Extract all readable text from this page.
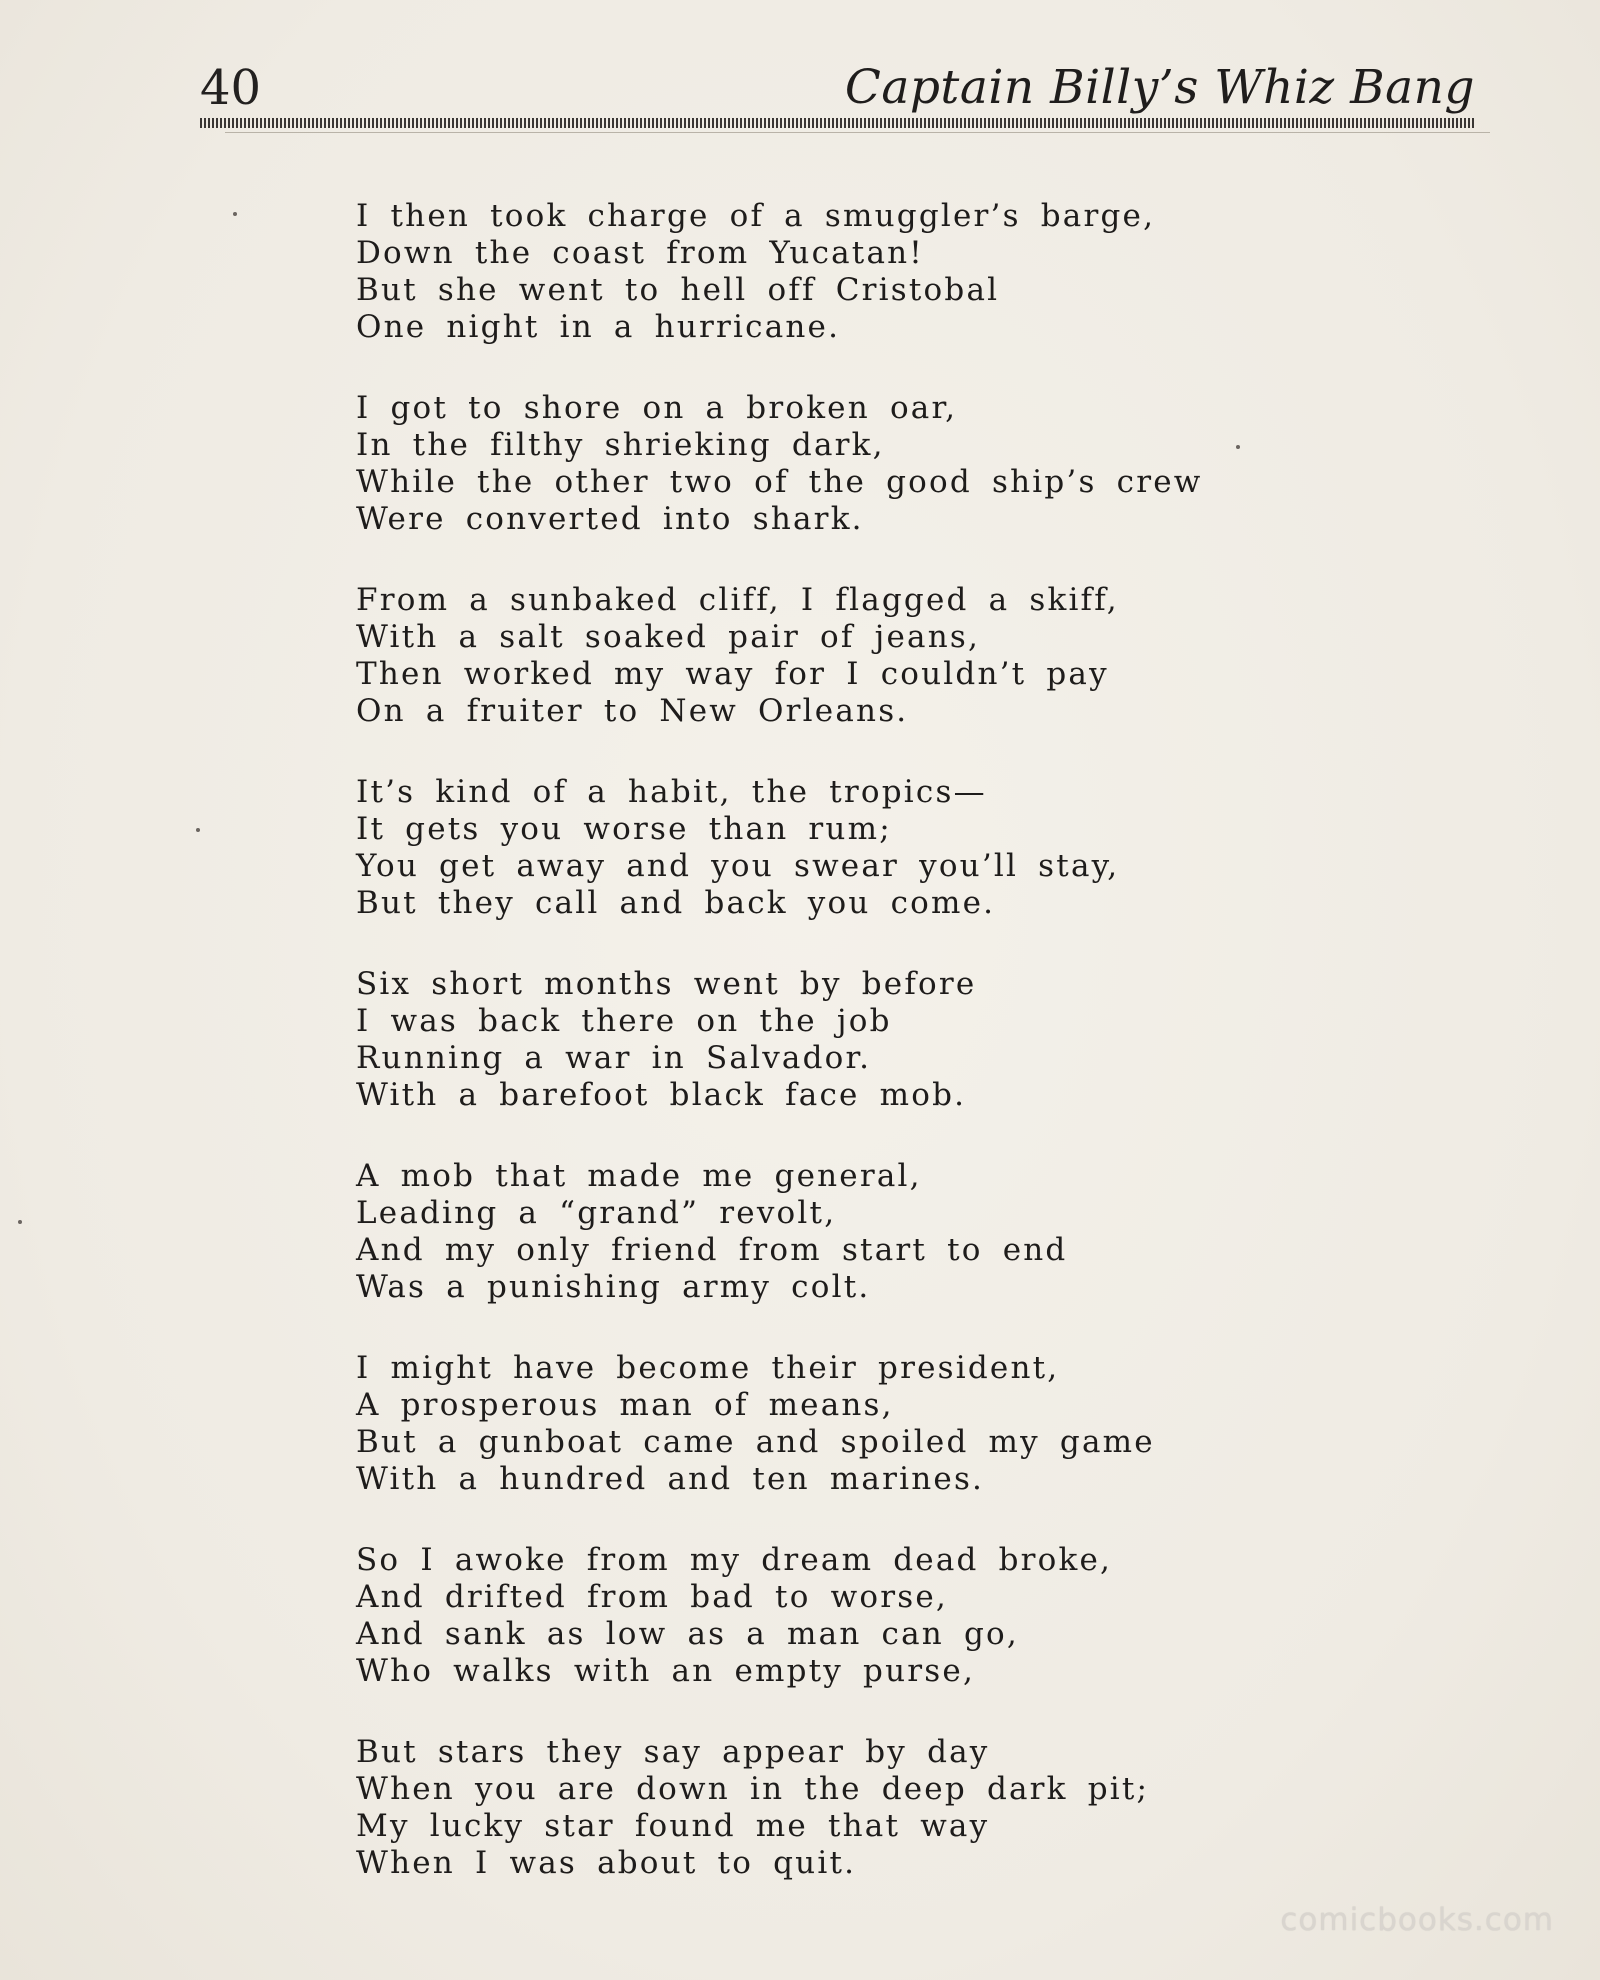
40	Captain Billy’s Whiz Bang
I then took charge of a smuggler’s barge,
Down the coast from Yucatan!
But she went to hell off Cristobal
One night in a hurricane.
I got to shore on a broken oar,
In the filthy shrieking dark,
While the other two of the good ship’s crew
Were converted into shark.
From a sunbaked cliff, I flagged a skiff,
With a salt soaked pair of jeans,
Then worked my way for I couldn’t pay
On a fruiter to New Orleans.
It’s kind of a habit, the tropics—
It gets you worse than rum;
You get away and you swear you’ll stay,
But they call and back you come.
Six short months went by before
I was back there on the job
Running a war in Salvador.
With a barefoot black face mob.
A mob that made me general,
Leading a “grand” revolt,
And my only friend from start to end
Was a punishing army colt.
I might have become their president,
A prosperous man of means,
But a gunboat came and spoiled my game
With a hundred and ten marines.
So I awoke from my dream dead broke,
And drifted from bad to worse,
And sank as low as a man can go,
Who walks with an empty purse,
But stars they say appear by day
When you are down in the deep dark pit;
My lucky star found me that way
When I was about to quit.
comicbooks.com
